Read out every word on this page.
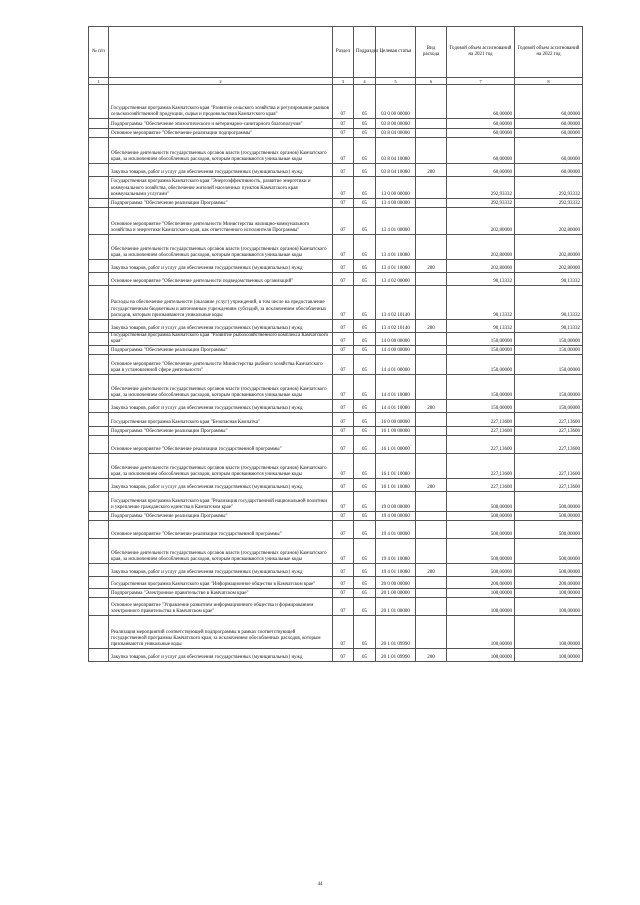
№ п/п		Раздел	Подраздел	Целевая статья	Вид расхода	Годовой объем ассигнований на 2021 год	Годовой объем ассигнований на 2022 год
1	2	3	4	5	6	7	8
	Государственная программа Камчатского края "Развитие сельского хозяйства и регулирование рынков сельскохозяйственной продукции, сырья и продовольствия Камчатского края"	07	05	03 0 00 00000		60,00000	60,00000
	Подпрограмма "Обеспечение эпизоотического и ветеринарно-санитарного благополучия"	07	05	03 8 00 00000		60,00000	60,00000
	Основное мероприятие "Обеспечение реализации подпрограммы"	07	05	03 8 04 00000		60,00000	60,00000
	Обеспечение деятельности государственных органов власти (государственных органов) Камчатского края, за исключением обособленных расходов, которым присваиваются уникальные коды	07	05	03 8 04 10080		60,00000	60,00000
	Закупка товаров, работ и услуг для обеспечения государственных (муниципальных) нужд	07	05	03 8 04 10080	200	60,00000	60,00000
	Государственная программа Камчатского края "Энергоэффективность, развитие энергетики и коммунального хозяйства, обеспечение жителей населенных пунктов Камчатского края коммунальными услугами"	07	05	13 0 00 00000		292,93332	292,93332
	Подпрограмма "Обеспечение реализации Программы"	07	05	13 4 00 00000		292,93332	292,93332
	Основное мероприятие "Обеспечение деятельности Министерства жилищно-коммунального хозяйства и энергетики Камчатского края, как ответственного исполнителя Программы"	07	05	13 4 01 00000		202,80000	202,80000
	Обеспечение деятельности государственных органов власти (государственных органов) Камчатского края, за исключением обособленных расходов, которым присваиваются уникальные коды	07	05	13 4 01 10080		202,80000	202,80000
	Закупка товаров, работ и услуг для обеспечения государственных (муниципальных) нужд	07	05	13 4 01 10080	200	202,80000	202,80000
	Основное мероприятие "Обеспечение деятельности подведомственных организаций"	07	05	13 4 02 00000		90,13332	90,13332
	Расходы на обеспечение деятельности (оказание услуг) учреждений, в том числе на предоставление государственным бюджетным и автономным учреждениям субсидий, за исключением обособленных расходов, которым присваиваются уникальные коды	07	05	13 4 02 10140		90,13332	90,13332
	Закупка товаров, работ и услуг для обеспечения государственных (муниципальных) нужд	07	05	13 4 02 10140	200	90,13332	90,13332
	Государственная программа Камчатского края "Развитие рыбохозяйственного комплекса Камчатского края"	07	05	14 0 00 00000		150,00000	150,00000
	Подпрограмма "Обеспечение реализации Программы"	07	05	14 4 00 00000		150,00000	150,00000
	Основное мероприятие "Обеспечение деятельности Министерства рыбного хозяйства Камчатского края в установленной сфере деятельности"	07	05	14 4 01 00000		150,00000	150,00000
	Обеспечение деятельности государственных органов власти (государственных органов) Камчатского края, за исключением обособленных расходов, которым присваиваются уникальные коды	07	05	14 4 01 10080		150,00000	150,00000
	Закупка товаров, работ и услуг для обеспечения государственных (муниципальных) нужд	07	05	14 4 01 10080	200	150,00000	150,00000
	Государственная программа Камчатского края "Безопасная Камчатка"	07	05	16 0 00 00000		227,13600	227,13600
	Подпрограмма "Обеспечение реализации Программы"	07	05	16 1 00 00000		227,13600	227,13600
	Основное мероприятие "Обеспечение реализации государственной программы"	07	05	16 1 01 00000		227,13600	227,13600
	Обеспечение деятельности государственных органов власти (государственных органов) Камчатского края, за исключением обособленных расходов, которым присваиваются уникальные коды	07	05	16 1 01 10080		227,13600	227,13600
	Закупка товаров, работ и услуг для обеспечения государственных (муниципальных) нужд	07	05	16 1 01 10080	200	227,13600	227,13600
	Государственная программа Камчатского края "Реализация государственной национальной политики и укрепление гражданского единства в Камчатском крае"	07	05	19 0 00 00000		500,00000	500,00000
	Подпрограмма "Обеспечение реализации Программы"	07	05	19 4 00 00000		500,00000	500,00000
	Основное мероприятие "Обеспечение реализации государственной программы"	07	05	19 4 01 00000		500,00000	500,00000
	Обеспечение деятельности государственных органов власти (государственных органов) Камчатского края, за исключением обособленных расходов, которым присваиваются уникальные коды	07	05	19 4 01 10080		500,00000	500,00000
	Закупка товаров, работ и услуг для обеспечения государственных (муниципальных) нужд	07	05	19 4 01 10080	200	500,00000	500,00000
	Государственная программа Камчатского края "Информационное общество в Камчатском крае"	07	05	20 0 00 00000		200,00000	200,00000
	Подпрограмма "Электронное правительство в Камчатском крае"	07	05	20 1 00 00000		100,00000	100,00000
	Основное мероприятие "Управление развитием информационного общества и формированием электронного правительства в Камчатском крае"	07	05	20 1 01 00000		100,00000	100,00000
	Реализация мероприятий соответствующей подпрограммы в рамках соответствующей государственной программы Камчатского края, за исключением обособленных расходов, которым присваиваются уникальные коды	07	05	20 1 01 09990		100,00000	100,00000
	Закупка товаров, работ и услуг для обеспечения государственных (муниципальных) нужд	07	05	20 1 01 09990	200	100,00000	100,00000
44
